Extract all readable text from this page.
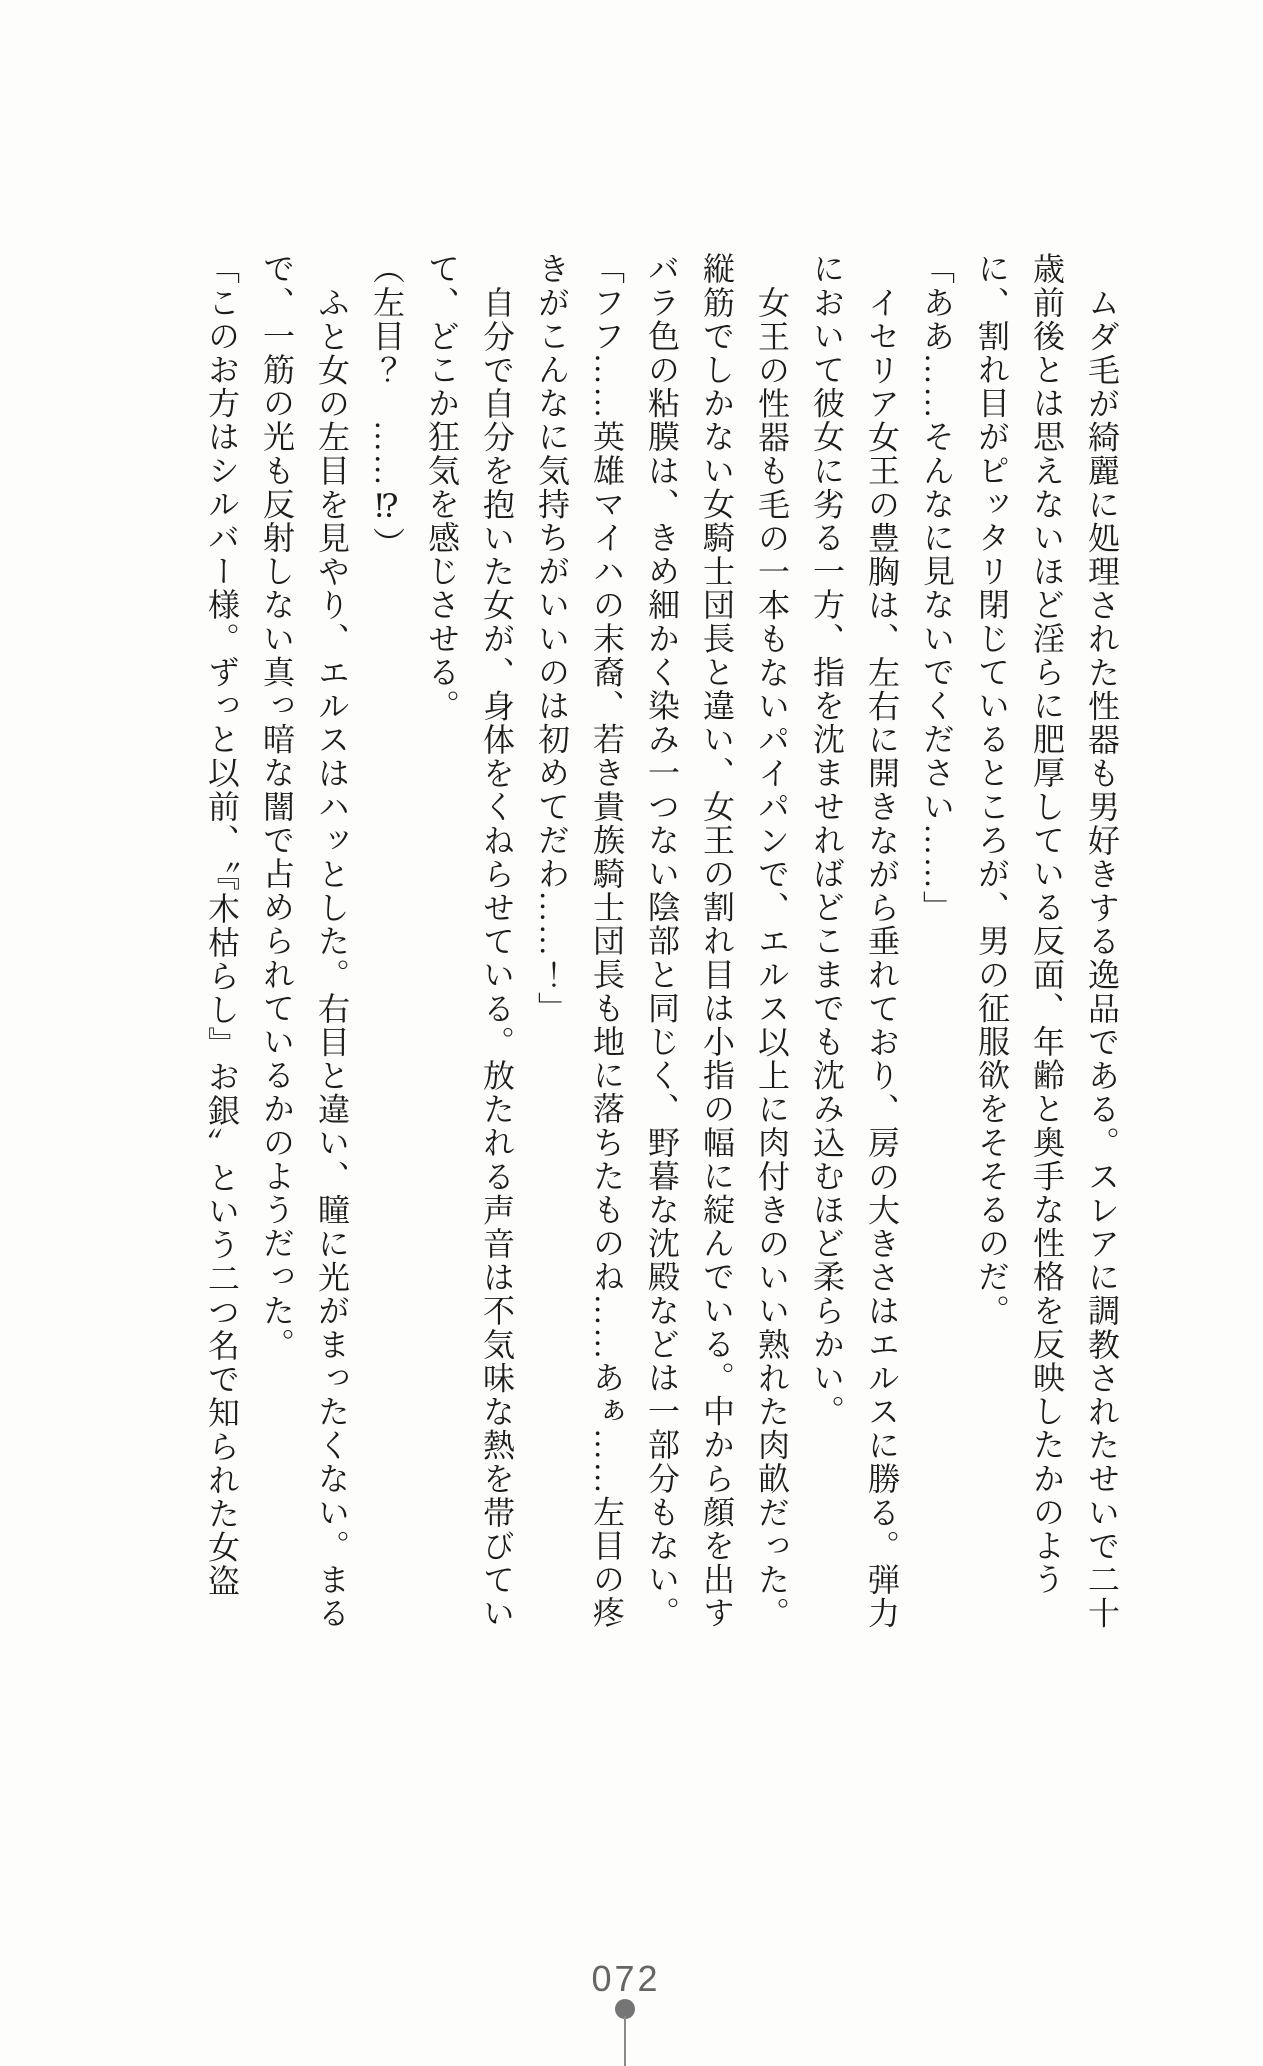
ムダ毛が綺麗に処理された性器も男好きする逸品である。スレアに調教されたせいで二十歳前後とは思えないほど淫らに肥厚している反面、年齢と奥手な性格を反映したかのように、割れ目がピッタリ閉じているところが、男の征服欲をそそるのだ。

「ああ……そんなに見ないでください……」

イセリア女王の豊胸は、左右に開きながら垂れており、房の大きさはエルスに勝る。弾力において彼女に劣る一方、指を沈ませればどこまでも沈み込むほど柔らかい。

女王の性器も毛の一本もないパイパンで、エルス以上に肉付きのいい熟れた肉畝だった。縦筋でしかない女騎士団長と違い、女王の割れ目は小指の幅に綻んでいる。中から顔を出すバラ色の粘膜は、きめ細かく染み一つない陰部と同じく、野暮な沈殿などは一部分もない。

「フフ……英雄マイハの末裔、若き貴族騎士団長も地に落ちたものね……あぁ……左目の疼きがこんなに気持ちがいいのは初めてだわ……！」

自分で自分を抱いた女が、身体をくねらせている。放たれる声音は不気味な熱を帯びていて、どこか狂気を感じさせる。

（左目？　……⁉）

ふと女の左目を見やり、エルスはハッとした。右目と違い、瞳に光がまったくない。まるで、一筋の光も反射しない真っ暗な闇で占められているかのようだった。

「このお方はシルバー様。ずっと以前、〝『木枯らし』お銀〟という二つ名で知られた女盗

072
